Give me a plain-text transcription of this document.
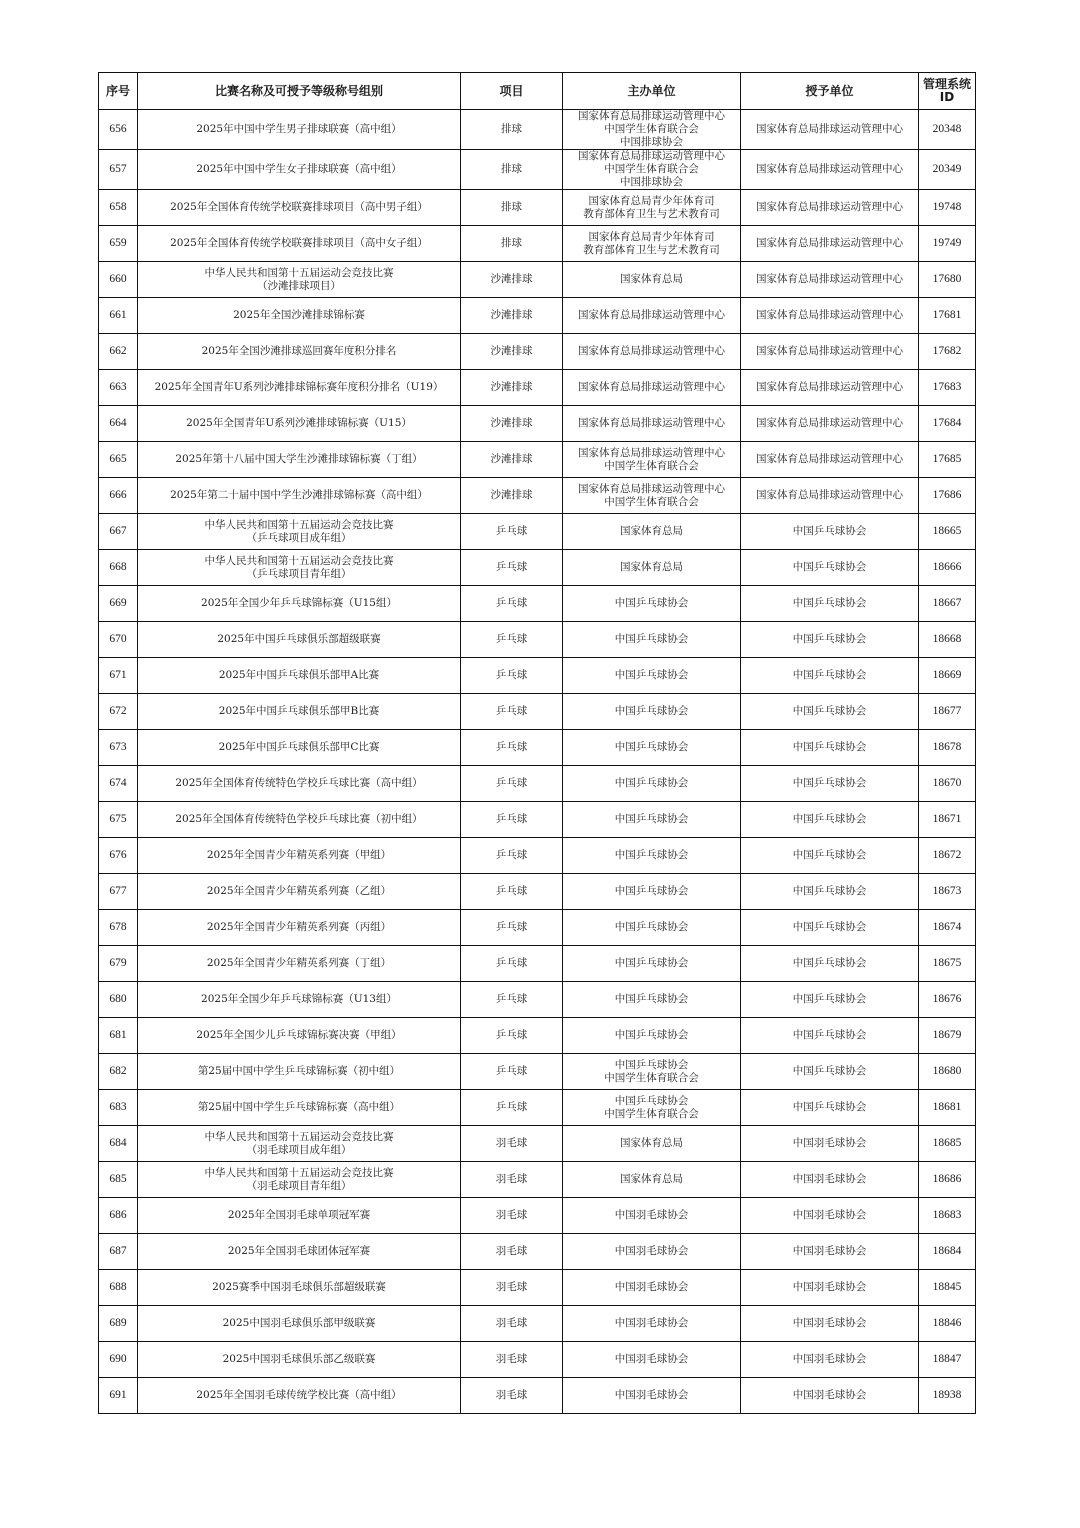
序号	比赛名称及可授予等级称号组别	项目	主办单位	授予单位	管理系统
ID
656	2025年中国中学生男子排球联赛（高中组）	排球	国家体育总局排球运动管理中心
中国学生体育联合会
中国排球协会	国家体育总局排球运动管理中心	20348
657	2025年中国中学生女子排球联赛（高中组）	排球	国家体育总局排球运动管理中心
中国学生体育联合会
中国排球协会	国家体育总局排球运动管理中心	20349
658	2025年全国体育传统学校联赛排球项目（高中男子组）	排球	国家体育总局青少年体育司
教育部体育卫生与艺术教育司	国家体育总局排球运动管理中心	19748
659	2025年全国体育传统学校联赛排球项目（高中女子组）	排球	国家体育总局青少年体育司
教育部体育卫生与艺术教育司	国家体育总局排球运动管理中心	19749
660	中华人民共和国第十五届运动会竞技比赛
（沙滩排球项目）	沙滩排球	国家体育总局	国家体育总局排球运动管理中心	17680
661	2025年全国沙滩排球锦标赛	沙滩排球	国家体育总局排球运动管理中心	国家体育总局排球运动管理中心	17681
662	2025年全国沙滩排球巡回赛年度积分排名	沙滩排球	国家体育总局排球运动管理中心	国家体育总局排球运动管理中心	17682
663	2025年全国青年U系列沙滩排球锦标赛年度积分排名（U19）	沙滩排球	国家体育总局排球运动管理中心	国家体育总局排球运动管理中心	17683
664	2025年全国青年U系列沙滩排球锦标赛（U15）	沙滩排球	国家体育总局排球运动管理中心	国家体育总局排球运动管理中心	17684
665	2025年第十八届中国大学生沙滩排球锦标赛（丁组）	沙滩排球	国家体育总局排球运动管理中心
中国学生体育联合会	国家体育总局排球运动管理中心	17685
666	2025年第二十届中国中学生沙滩排球锦标赛（高中组）	沙滩排球	国家体育总局排球运动管理中心
中国学生体育联合会	国家体育总局排球运动管理中心	17686
667	中华人民共和国第十五届运动会竞技比赛
（乒乓球项目成年组）	乒乓球	国家体育总局	中国乒乓球协会	18665
668	中华人民共和国第十五届运动会竞技比赛
（乒乓球项目青年组）	乒乓球	国家体育总局	中国乒乓球协会	18666
669	2025年全国少年乒乓球锦标赛（U15组）	乒乓球	中国乒乓球协会	中国乒乓球协会	18667
670	2025年中国乒乓球俱乐部超级联赛	乒乓球	中国乒乓球协会	中国乒乓球协会	18668
671	2025年中国乒乓球俱乐部甲A比赛	乒乓球	中国乒乓球协会	中国乒乓球协会	18669
672	2025年中国乒乓球俱乐部甲B比赛	乒乓球	中国乒乓球协会	中国乒乓球协会	18677
673	2025年中国乒乓球俱乐部甲C比赛	乒乓球	中国乒乓球协会	中国乒乓球协会	18678
674	2025年全国体育传统特色学校乒乓球比赛（高中组）	乒乓球	中国乒乓球协会	中国乒乓球协会	18670
675	2025年全国体育传统特色学校乒乓球比赛（初中组）	乒乓球	中国乒乓球协会	中国乒乓球协会	18671
676	2025年全国青少年精英系列赛（甲组）	乒乓球	中国乒乓球协会	中国乒乓球协会	18672
677	2025年全国青少年精英系列赛（乙组）	乒乓球	中国乒乓球协会	中国乒乓球协会	18673
678	2025年全国青少年精英系列赛（丙组）	乒乓球	中国乒乓球协会	中国乒乓球协会	18674
679	2025年全国青少年精英系列赛（丁组）	乒乓球	中国乒乓球协会	中国乒乓球协会	18675
680	2025年全国少年乒乓球锦标赛（U13组）	乒乓球	中国乒乓球协会	中国乒乓球协会	18676
681	2025年全国少儿乒乓球锦标赛决赛（甲组）	乒乓球	中国乒乓球协会	中国乒乓球协会	18679
682	第25届中国中学生乒乓球锦标赛（初中组）	乒乓球	中国乒乓球协会
中国学生体育联合会	中国乒乓球协会	18680
683	第25届中国中学生乒乓球锦标赛（高中组）	乒乓球	中国乒乓球协会
中国学生体育联合会	中国乒乓球协会	18681
684	中华人民共和国第十五届运动会竞技比赛
（羽毛球项目成年组）	羽毛球	国家体育总局	中国羽毛球协会	18685
685	中华人民共和国第十五届运动会竞技比赛
（羽毛球项目青年组）	羽毛球	国家体育总局	中国羽毛球协会	18686
686	2025年全国羽毛球单项冠军赛	羽毛球	中国羽毛球协会	中国羽毛球协会	18683
687	2025年全国羽毛球团体冠军赛	羽毛球	中国羽毛球协会	中国羽毛球协会	18684
688	2025赛季中国羽毛球俱乐部超级联赛	羽毛球	中国羽毛球协会	中国羽毛球协会	18845
689	2025中国羽毛球俱乐部甲级联赛	羽毛球	中国羽毛球协会	中国羽毛球协会	18846
690	2025中国羽毛球俱乐部乙级联赛	羽毛球	中国羽毛球协会	中国羽毛球协会	18847
691	2025年全国羽毛球传统学校比赛（高中组）	羽毛球	中国羽毛球协会	中国羽毛球协会	18938
